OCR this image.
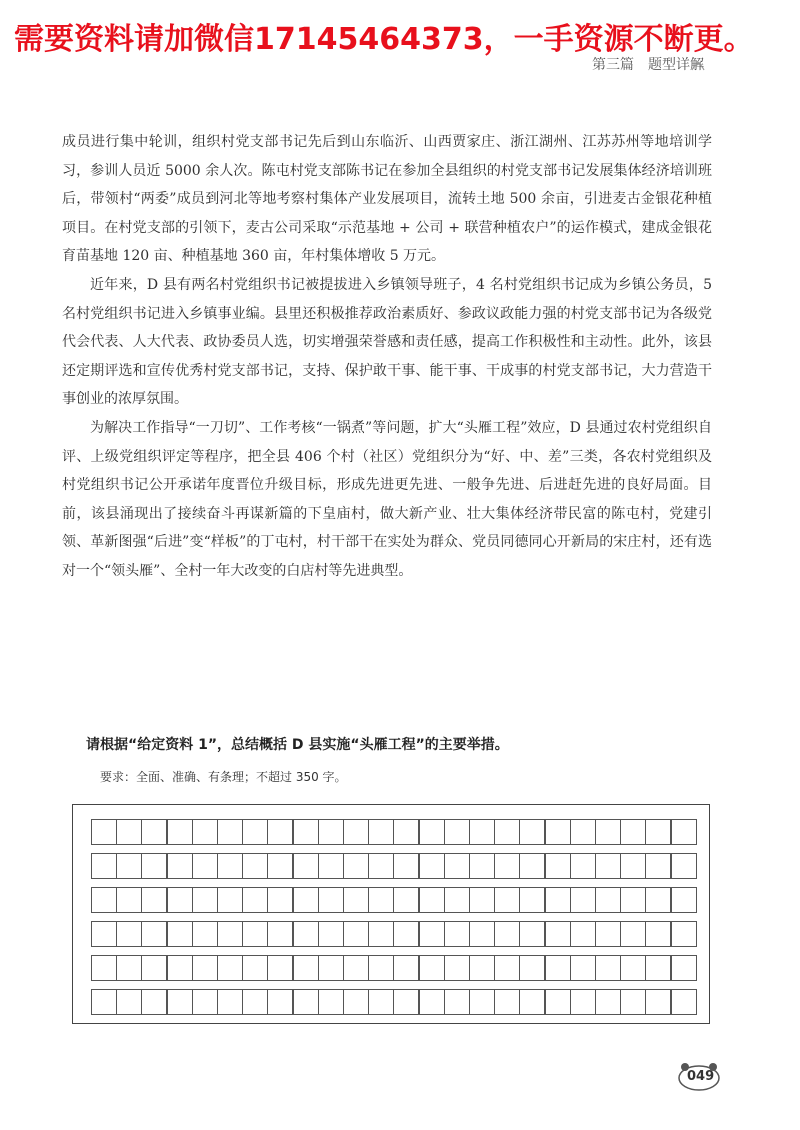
需要资料请加微信17145464373，一手资源不断更。
第三篇　题型详解

成员进行集中轮训，组织村党支部书记先后到山东临沂、山西贾家庄、浙江湖州、江苏苏州等地培训学习，参训人员近 5000 余人次。陈屯村党支部陈书记在参加全县组织的村党支部书记发展集体经济培训班后，带领村“两委”成员到河北等地考察村集体产业发展项目，流转土地 500 余亩，引进麦古金银花种植项目。在村党支部的引领下，麦古公司采取“示范基地 + 公司 + 联营种植农户”的运作模式，建成金银花育苗基地 120 亩、种植基地 360 亩，年村集体增收 5 万元。

近年来，D 县有两名村党组织书记被提拔进入乡镇领导班子，4 名村党组织书记成为乡镇公务员，5 名村党组织书记进入乡镇事业编。县里还积极推荐政治素质好、参政议政能力强的村党支部书记为各级党代会代表、人大代表、政协委员人选，切实增强荣誉感和责任感，提高工作积极性和主动性。此外，该县还定期评选和宣传优秀村党支部书记，支持、保护敢干事、能干事、干成事的村党支部书记，大力营造干事创业的浓厚氛围。

为解决工作指导“一刀切”、工作考核“一锅煮”等问题，扩大“头雁工程”效应，D 县通过农村党组织自评、上级党组织评定等程序，把全县 406 个村（社区）党组织分为“好、中、差”三类，各农村党组织及村党组织书记公开承诺年度晋位升级目标，形成先进更先进、一般争先进、后进赶先进的良好局面。目前，该县涌现出了接续奋斗再谋新篇的下皇庙村，做大新产业、壮大集体经济带民富的陈屯村，党建引领、革新图强“后进”变“样板”的丁屯村，村干部干在实处为群众、党员同德同心开新局的宋庄村，还有选对一个“领头雁”、全村一年大改变的白店村等先进典型。

请根据“给定资料 1”，总结概括 D 县实施“头雁工程”的主要举措。
要求：全面、准确、有条理；不超过 350 字。
049
